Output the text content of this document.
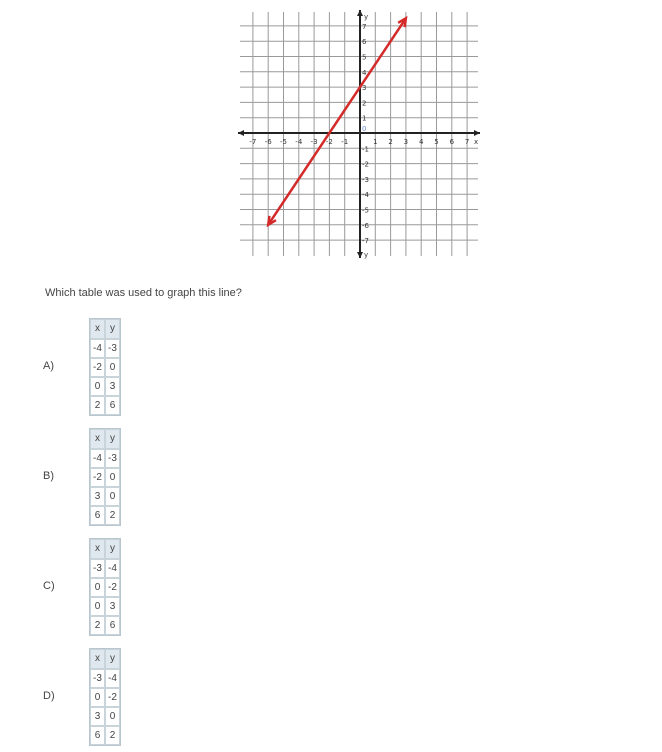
-7 -6 -5 -4 -3 -2 -1	1 2 3 4 5 6 7
7
6
5
4
3
2
1
-1
-2
-3
-4
-5
-6
-7
x
y
y
0
Which table was used to graph this line?
A)
x	y
-4	-3
-2	0
0	3
2	6
B)
x	y
-4	-3
-2	0
3	0
6	2
C)
x	y
-3	-4
0	-2
0	3
2	6
D)
x	y
-3	-4
0	-2
3	0
6	2
